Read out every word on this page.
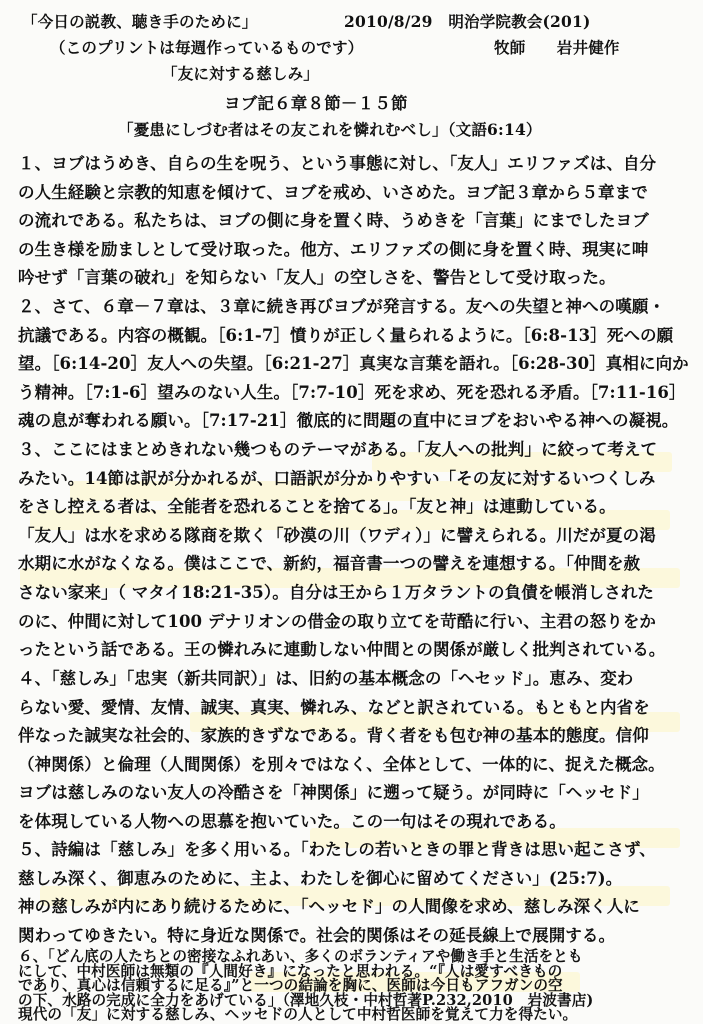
「今日の説教、聴き手のために」	2010/8/29　明治学院教会(201)
（このプリントは毎週作っているものです）	牧師　　岩井健作
「友に対する慈しみ」
ヨブ記６章８節－１５節
「憂患にしづむ者はその友これを憐れむべし」（文語6:14）
１、ヨブはうめき、自らの生を呪う、という事態に対し、「友人」エリファズは、自分
の人生経験と宗教的知恵を傾けて、ヨブを戒め、いさめた。ヨブ記３章から５章まで
の流れである。私たちは、ヨブの側に身を置く時、うめきを「言葉」にまでしたヨブ
の生き様を励ましとして受け取った。他方、エリファズの側に身を置く時、現実に呻
吟せず「言葉の破れ」を知らない「友人」の空しさを、警告として受け取った。
２、さて、６章－７章は、３章に続き再びヨブが発言する。友への失望と神への嘆願・
抗議である。内容の概観。［6:1-7］憤りが正しく量られるように。［6:8-13］死への願
望。［6:14-20］友人への失望。［6:21-27］真実な言葉を語れ。［6:28-30］真相に向か
う精神。［7:1-6］望みのない人生。［7:7-10］死を求め、死を恐れる矛盾。［7:11-16］
魂の息が奪われる願い。［7:17-21］徹底的に問題の直中にヨブをおいやる神への凝視。
３、ここにはまとめきれない幾つものテーマがある。「友人への批判」に絞って考えて
みたい。14節は訳が分かれるが、口語訳が分かりやすい「その友に対するいつくしみ
をさし控える者は、全能者を恐れることを捨てる」。「友と神」は連動している。
「友人」は水を求める隊商を欺く「砂漠の川（ワディ）」に譬えられる。川だが夏の渇
水期に水がなくなる。僕はここで、新約，福音書一つの譬えを連想する。「仲間を赦
さない家来」（ マタイ18:21-35）。自分は王から１万タラントの負債を帳消しされた
のに、仲間に対して100 デナリオンの借金の取り立てを苛酷に行い、主君の怒りをか
ったという話である。王の憐れみに連動しない仲間との関係が厳しく批判されている。
４、「慈しみ」「忠実（新共同訳）」は、旧約の基本概念の「ヘセッド」。恵み、変わ
らない愛、愛情、友情、誠実、真実、憐れみ、などと訳されている。もともと内省を
伴なった誠実な社会的、家族的きずなである。背く者をも包む神の基本的態度。信仰
（神関係）と倫理（人間関係）を別々ではなく、全体として、一体的に、捉えた概念。
ヨブは慈しみのない友人の冷酷さを「神関係」に遡って疑う。が同時に「ヘッセド」
を体現している人物への思慕を抱いていた。この一句はその現れである。
５、詩編は「慈しみ」を多く用いる。「わたしの若いときの罪と背きは思い起こさず、
慈しみ深く、御恵みのために、主よ、わたしを御心に留めてください」(25:7)。
神の慈しみが内にあり続けるために、「ヘッセド」の人間像を求め、慈しみ深く人に
関わってゆきたい。特に身近な関係で。社会的関係はその延長線上で展開する。
６、「どん底の人たちとの密接なふれあい、多くのボランティアや働き手と生活をとも
にして、中村医師は無類の『人間好き』になったと思われる。“『人は愛すべきもの
であり、真心は信頼するに足る』”と一つの結論を胸に、医師は今日もアフガンの空
の下、水路の完成に全力をあげている」（澤地久枝・中村哲著P.232,2010　岩波書店)
現代の「友」に対する慈しみ、ヘッセドの人として中村哲医師を覚えて力を得たい。
